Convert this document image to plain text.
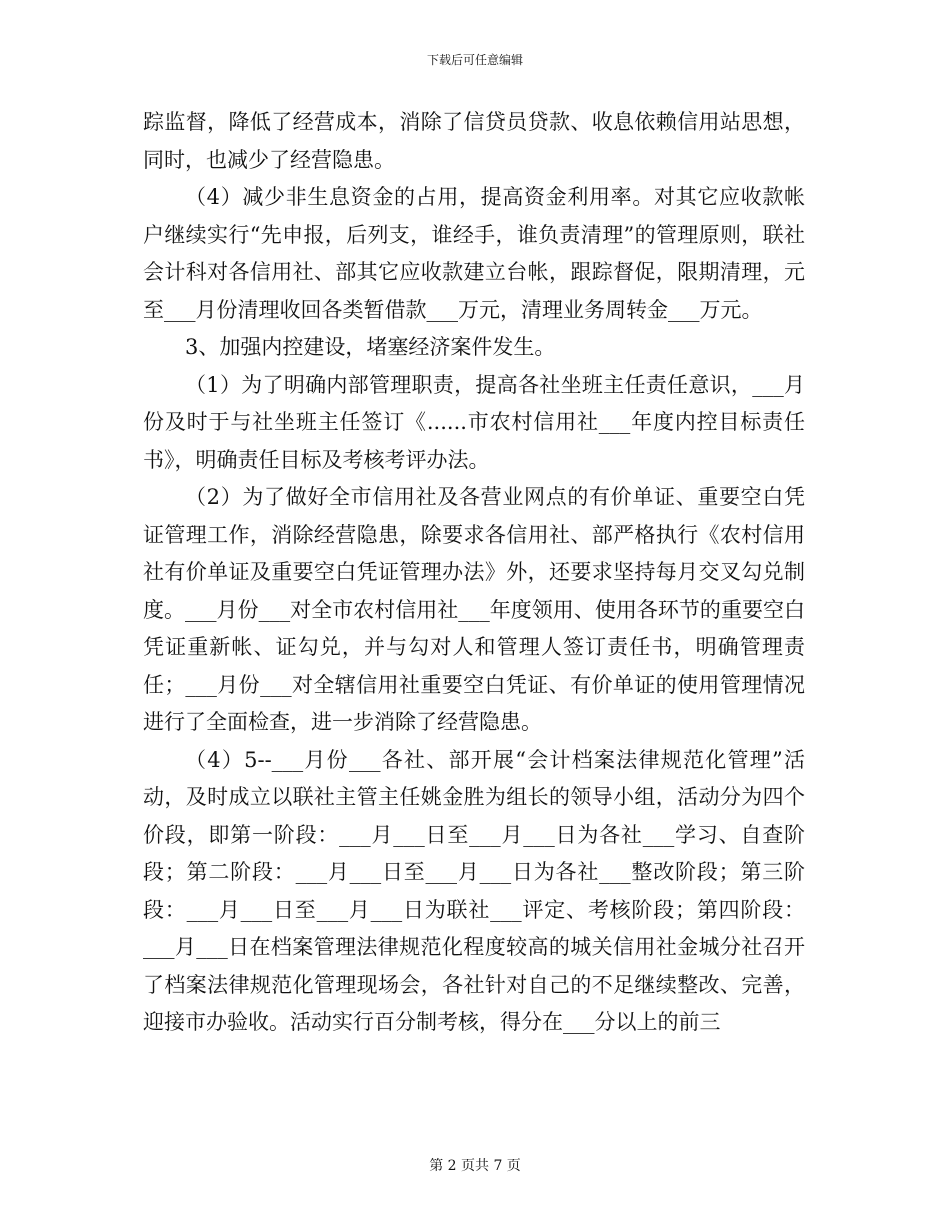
下载后可任意编辑

踪监督，降低了经营成本，消除了信贷员贷款、收息依赖信用站思想，同时，也减少了经营隐患。

（4）减少非生息资金的占用，提高资金利用率。对其它应收款帐户继续实行“先申报，后列支，谁经手，谁负责清理”的管理原则，联社会计科对各信用社、部其它应收款建立台帐，跟踪督促，限期清理，元至___月份清理收回各类暂借款___万元，清理业务周转金___万元。

3、加强内控建设，堵塞经济案件发生。

（1）为了明确内部管理职责，提高各社坐班主任责任意识，___月份及时于与社坐班主任签订《......市农村信用社___年度内控目标责任书》，明确责任目标及考核考评办法。

（2）为了做好全市信用社及各营业网点的有价单证、重要空白凭证管理工作，消除经营隐患，除要求各信用社、部严格执行《农村信用社有价单证及重要空白凭证管理办法》外，还要求坚持每月交叉勾兑制度。___月份___对全市农村信用社___年度领用、使用各环节的重要空白凭证重新帐、证勾兑，并与勾对人和管理人签订责任书，明确管理责任；___月份___对全辖信用社重要空白凭证、有价单证的使用管理情况进行了全面检查，进一步消除了经营隐患。

（4）5--___月份___各社、部开展“会计档案法律规范化管理”活动，及时成立以联社主管主任姚金胜为组长的领导小组，活动分为四个价段，即第一阶段：___月___日至___月___日为各社___学习、自查阶段；第二阶段：___月___日至___月___日为各社___整改阶段；第三阶段：___月___日至___月___日为联社___评定、考核阶段；第四阶段：___月___日在档案管理法律规范化程度较高的城关信用社金城分社召开了档案法律规范化管理现场会，各社针对自己的不足继续整改、完善，迎接市办验收。活动实行百分制考核，得分在___分以上的前三

第 2 页共 7 页
